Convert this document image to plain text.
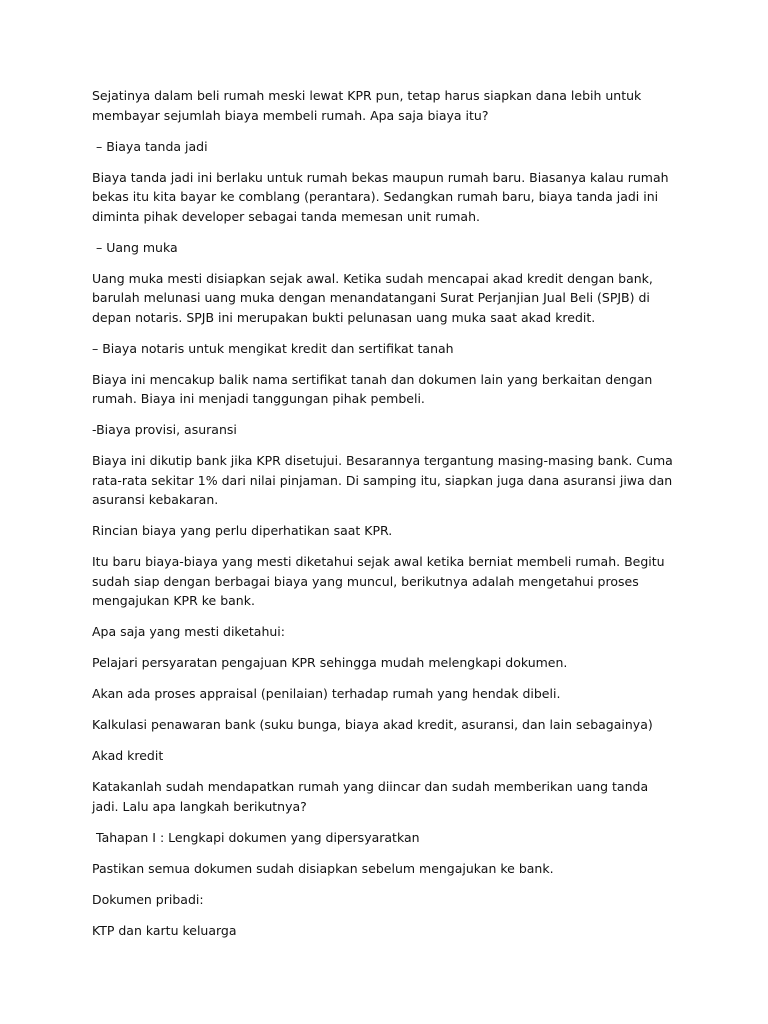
Sejatinya dalam beli rumah meski lewat KPR pun, tetap harus siapkan dana lebih untuk membayar sejumlah biaya membeli rumah. Apa saja biaya itu?

– Biaya tanda jadi

Biaya tanda jadi ini berlaku untuk rumah bekas maupun rumah baru. Biasanya kalau rumah bekas itu kita bayar ke comblang (perantara). Sedangkan rumah baru, biaya tanda jadi ini diminta pihak developer sebagai tanda memesan unit rumah.

– Uang muka

Uang muka mesti disiapkan sejak awal. Ketika sudah mencapai akad kredit dengan bank, barulah melunasi uang muka dengan menandatangani Surat Perjanjian Jual Beli (SPJB) di depan notaris. SPJB ini merupakan bukti pelunasan uang muka saat akad kredit.

– Biaya notaris untuk mengikat kredit dan sertifikat tanah

Biaya ini mencakup balik nama sertifikat tanah dan dokumen lain yang berkaitan dengan rumah. Biaya ini menjadi tanggungan pihak pembeli.

-Biaya provisi, asuransi

Biaya ini dikutip bank jika KPR disetujui. Besarannya tergantung masing-masing bank. Cuma rata-rata sekitar 1% dari nilai pinjaman. Di samping itu, siapkan juga dana asuransi jiwa dan asuransi kebakaran.

Rincian biaya yang perlu diperhatikan saat KPR.

Itu baru biaya-biaya yang mesti diketahui sejak awal ketika berniat membeli rumah. Begitu sudah siap dengan berbagai biaya yang muncul, berikutnya adalah mengetahui proses mengajukan KPR ke bank.

Apa saja yang mesti diketahui:

Pelajari persyaratan pengajuan KPR sehingga mudah melengkapi dokumen.

Akan ada proses appraisal (penilaian) terhadap rumah yang hendak dibeli.

Kalkulasi penawaran bank (suku bunga, biaya akad kredit, asuransi, dan lain sebagainya)

Akad kredit

Katakanlah sudah mendapatkan rumah yang diincar dan sudah memberikan uang tanda jadi. Lalu apa langkah berikutnya?

Tahapan I : Lengkapi dokumen yang dipersyaratkan

Pastikan semua dokumen sudah disiapkan sebelum mengajukan ke bank.

Dokumen pribadi:

KTP dan kartu keluarga
